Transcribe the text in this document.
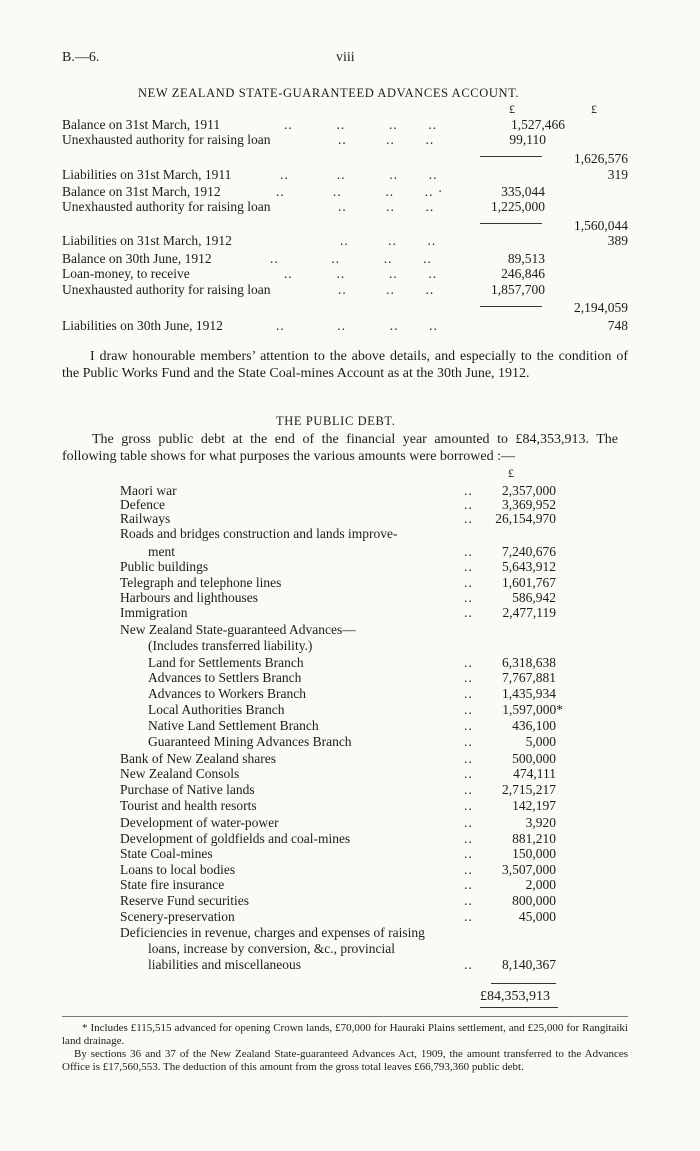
B.—6.	viii
NEW ZEALAND STATE-GUARANTEED ADVANCES ACCOUNT.
£	£
Balance on 31st March, 1911	..          ..          ..       ..	1,527,466
Unexhausted authority for raising loan	..         ..       ..	99,110
1,626,576
Liabilities on 31st March, 1911	..           ..          ..       ..	319
Balance on 31st March, 1912	..           ..          ..       .. ·	335,044
Unexhausted authority for raising loan	..         ..       ..	1,225,000
1,560,044
Liabilities on 31st March, 1912	..         ..       ..	389
Balance on 30th June, 1912	..            ..          ..       ..	89,513
Loan-money, to receive	..          ..          ..       ..	246,846
Unexhausted authority for raising loan	..         ..       ..	1,857,700
2,194,059
Liabilities on 30th June, 1912	..            ..          ..       ..	748
I draw honourable members’ attention to the above details, and especially to the condition of the Public Works Fund and the State Coal-mines Account as at the 30th June, 1912.
THE PUBLIC DEBT.
The gross public debt at the end of the financial year amounted to £84,353,913. The following table shows for what purposes the various amounts were borrowed :—
£
Maori war	.. 2,357,000
Defence	.. 3,369,952
Railways	.. 26,154,970
Roads and bridges construction and lands improve-
ment	.. 7,240,676
Public buildings	.. 5,643,912
Telegraph and telephone lines	.. 1,601,767
Harbours and lighthouses	..	586,942
Immigration	.. 2,477,119
New Zealand State-guaranteed Advances—
(Includes transferred liability.)
Land for Settlements Branch	.. 6,318,638
Advances to Settlers Branch	.. 7,767,881
Advances to Workers Branch	.. 1,435,934
Local Authorities Branch	.. 1,597,000*
Native Land Settlement Branch	..	436,100
Guaranteed Mining Advances Branch	..	5,000
Bank of New Zealand shares	..	500,000
New Zealand Consols	..	474,111
Purchase of Native lands	.. 2,715,217
Tourist and health resorts	..	142,197
Development of water-power	..	3,920
Development of goldfields and coal-mines	..	881,210
State Coal-mines	..	150,000
Loans to local bodies	.. 3,507,000
State fire insurance	..	2,000
Reserve Fund securities	..	800,000
Scenery-preservation	..	45,000
Deficiencies in revenue, charges and expenses of raising
loans, increase by conversion, &c., provincial
liabilities and miscellaneous	.. 8,140,367
£84,353,913
* Includes £115,515 advanced for opening Crown lands, £70,000 for Hauraki Plains settlement, and £25,000 for Rangitaiki land drainage.
By sections 36 and 37 of the New Zealand State-guaranteed Advances Act, 1909, the amount transferred to the Advances Office is £17,560,553. The deduction of this amount from the gross total leaves £66,793,360 public debt.
